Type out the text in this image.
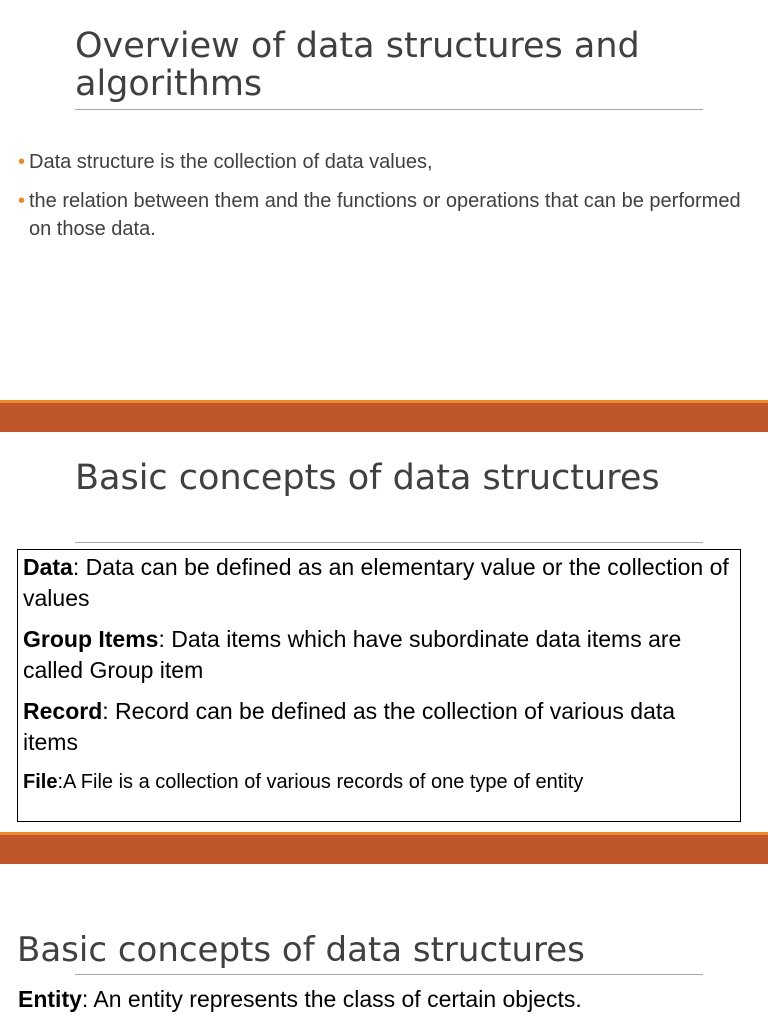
Overview of data structures and algorithms
• Data structure is the collection of data values,
• the relation between them and the functions or operations that can be performed on those data.
Basic concepts of data structures

Data: Data can be defined as an elementary value or the collection of values

Group Items: Data items which have subordinate data items are called Group item

Record: Record can be defined as the collection of various data items

File:A File is a collection of various records of one type of entity

Basic concepts of data structures

Entity: An entity represents the class of certain objects.
